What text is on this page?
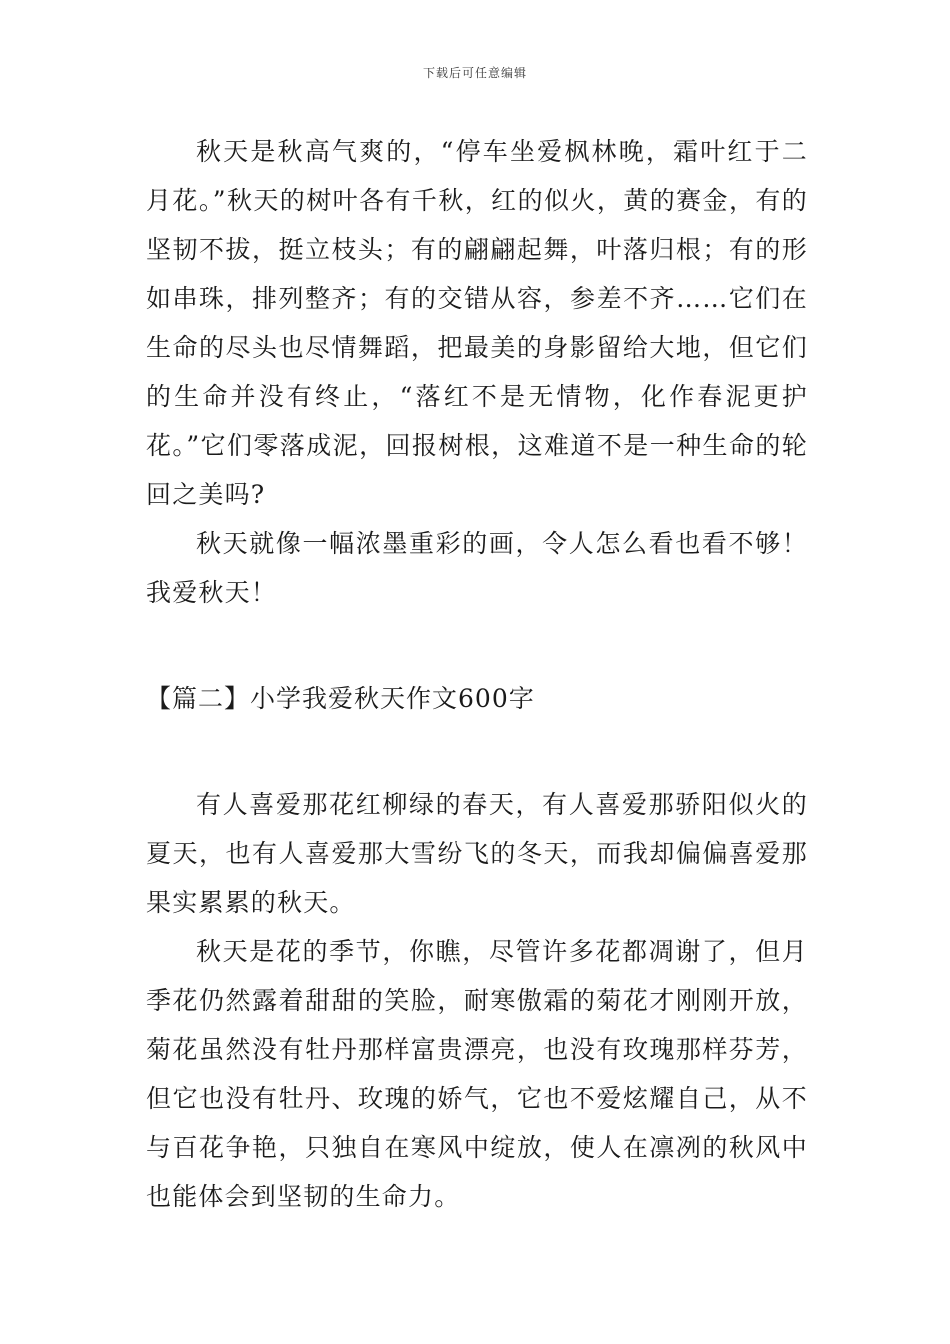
下载后可任意编辑

秋天是秋高气爽的，“停车坐爱枫林晚，霜叶红于二月花。”秋天的树叶各有千秋，红的似火，黄的赛金，有的坚韧不拔，挺立枝头；有的翩翩起舞，叶落归根；有的形如串珠，排列整齐；有的交错从容，参差不齐……它们在生命的尽头也尽情舞蹈，把最美的身影留给大地，但它们的生命并没有终止，“落红不是无情物，化作春泥更护花。”它们零落成泥，回报树根，这难道不是一种生命的轮回之美吗?

秋天就像一幅浓墨重彩的画，令人怎么看也看不够！我爱秋天！

【篇二】小学我爱秋天作文600字

有人喜爱那花红柳绿的春天，有人喜爱那骄阳似火的夏天，也有人喜爱那大雪纷飞的冬天，而我却偏偏喜爱那果实累累的秋天。

秋天是花的季节，你瞧，尽管许多花都凋谢了，但月季花仍然露着甜甜的笑脸，耐寒傲霜的菊花才刚刚开放，菊花虽然没有牡丹那样富贵漂亮，也没有玫瑰那样芬芳，但它也没有牡丹、玫瑰的娇气，它也不爱炫耀自己，从不与百花争艳，只独自在寒风中绽放，使人在凛冽的秋风中也能体会到坚韧的生命力。
